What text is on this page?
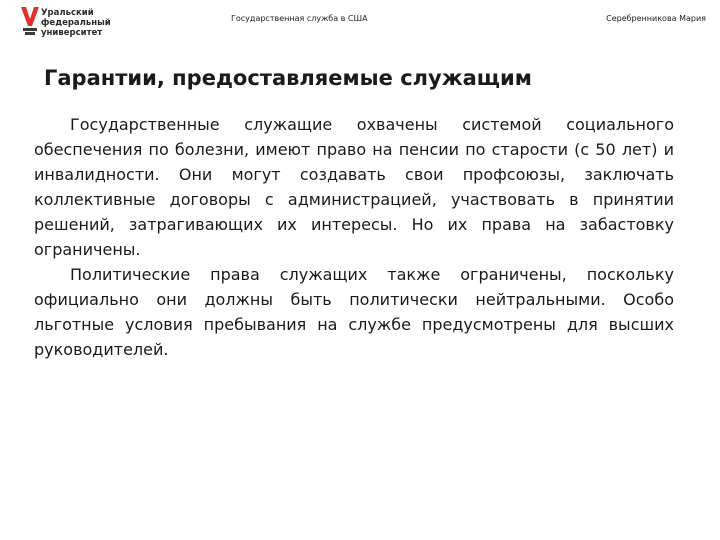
Уральский
федеральный
университет
Государственная служба в США	Серебренникова Мария
Гарантии, предоставляемые служащим

Государственные служащие охвачены системой социального обеспечения по болезни, имеют право на пенсии по старости (с 50 лет) и инвалидности. Они могут создавать свои профсоюзы, заключать коллективные договоры с администрацией, участвовать в принятии решений, затрагивающих их интересы. Но их права на забастовку ограничены.

Политические права служащих также ограничены, поскольку официально они должны быть политически нейтральными. Особо льготные условия пребывания на службе предусмотрены для высших руководителей.
